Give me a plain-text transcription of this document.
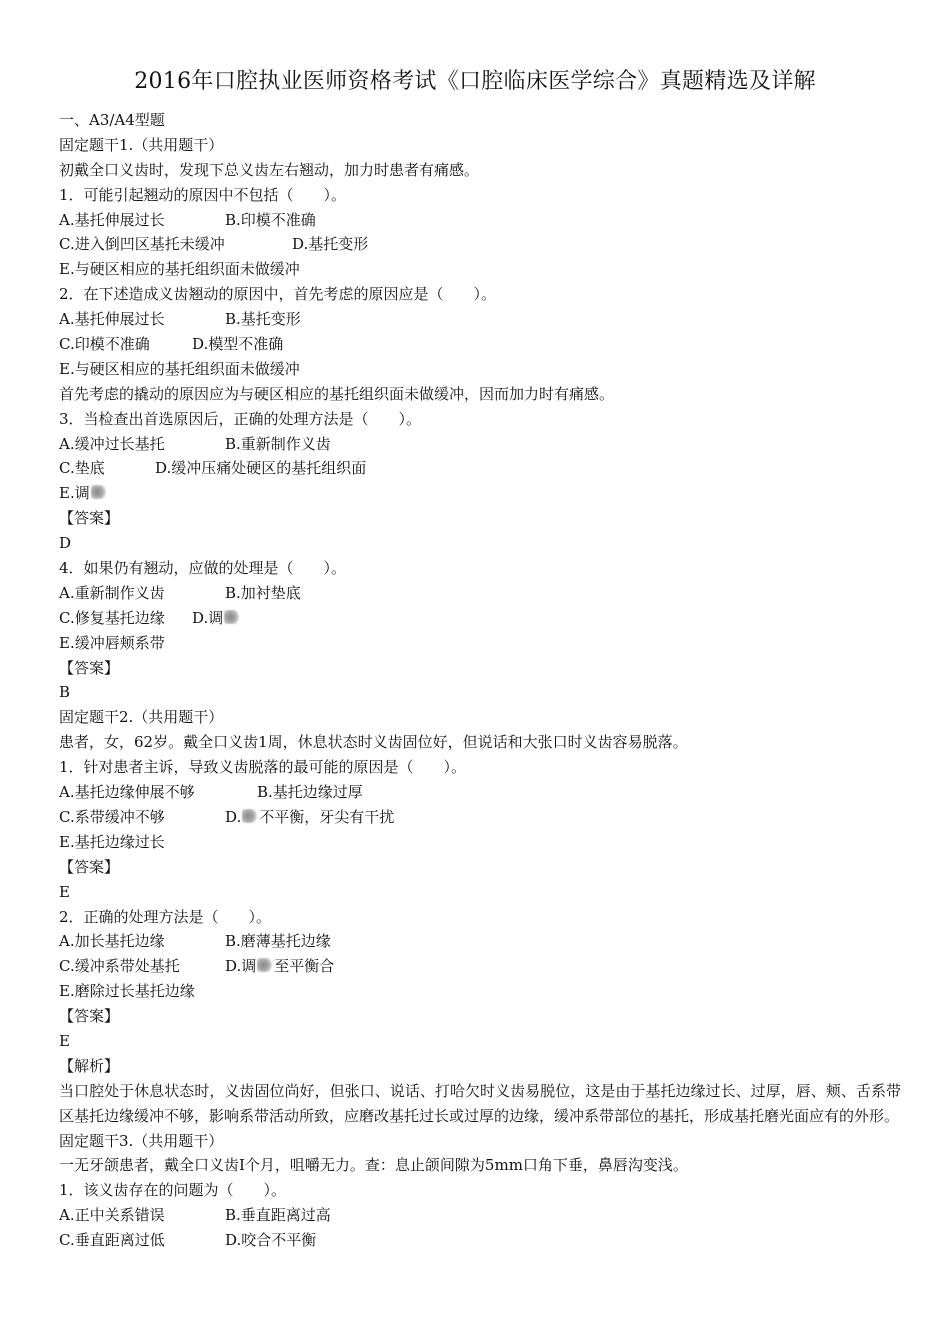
2016年口腔执业医师资格考试《口腔临床医学综合》真题精选及详解
一、A3/A4型题
固定题干1.（共用题干）
初戴全口义齿时，发现下总义齿左右翘动，加力时患者有痛感。
1．可能引起翘动的原因中不包括（　　）。
A.基托伸展过长	B.印模不准确
C.进入倒凹区基托未缓冲	D.基托变形
E.与硬区相应的基托组织面未做缓冲
2．在下述造成义齿翘动的原因中，首先考虑的原因应是（　　）。
A.基托伸展过长	B.基托变形
C.印模不准确	D.模型不准确
E.与硬区相应的基托组织面未做缓冲
首先考虑的撬动的原因应为与硬区相应的基托组织面未做缓冲，因而加力时有痛感。
3．当检查出首选原因后，正确的处理方法是（　　）。
A.缓冲过长基托	B.重新制作义齿
C.垫底	D.缓冲压痛处硬区的基托组织面
E.调
【答案】
D
4．如果仍有翘动，应做的处理是（　　）。
A.重新制作义齿	B.加衬垫底
C.修复基托边缘 D.调
E.缓冲唇颊系带
【答案】
B
固定题干2.（共用题干）
患者，女，62岁。戴全口义齿1周，休息状态时义齿固位好，但说话和大张口时义齿容易脱落。
1．针对患者主诉，导致义齿脱落的最可能的原因是（　　）。
A.基托边缘伸展不够	B.基托边缘过厚
C.系带缓冲不够	D. 不平衡，牙尖有干扰
E.基托边缘过长
【答案】
E
2．正确的处理方法是（　　）。
A.加长基托边缘	B.磨薄基托边缘
C.缓冲系带处基托	D.调 至平衡合
E.磨除过长基托边缘
【答案】
E
【解析】
当口腔处于休息状态时，义齿固位尚好，但张口、说话、打哈欠时义齿易脱位，这是由于基托边缘过长、过厚，唇、颊、舌系带区基托边缘缓冲不够，影响系带活动所致，应磨改基托过长或过厚的边缘，缓冲系带部位的基托，形成基托磨光面应有的外形。
固定题干3.（共用题干）
一无牙颌患者，戴全口义齿I个月，咀嚼无力。查：息止颌间隙为5mm口角下垂，鼻唇沟变浅。
1．该义齿存在的问题为（　　）。
A.正中关系错误	B.垂直距离过高
C.垂直距离过低	D.咬合不平衡
